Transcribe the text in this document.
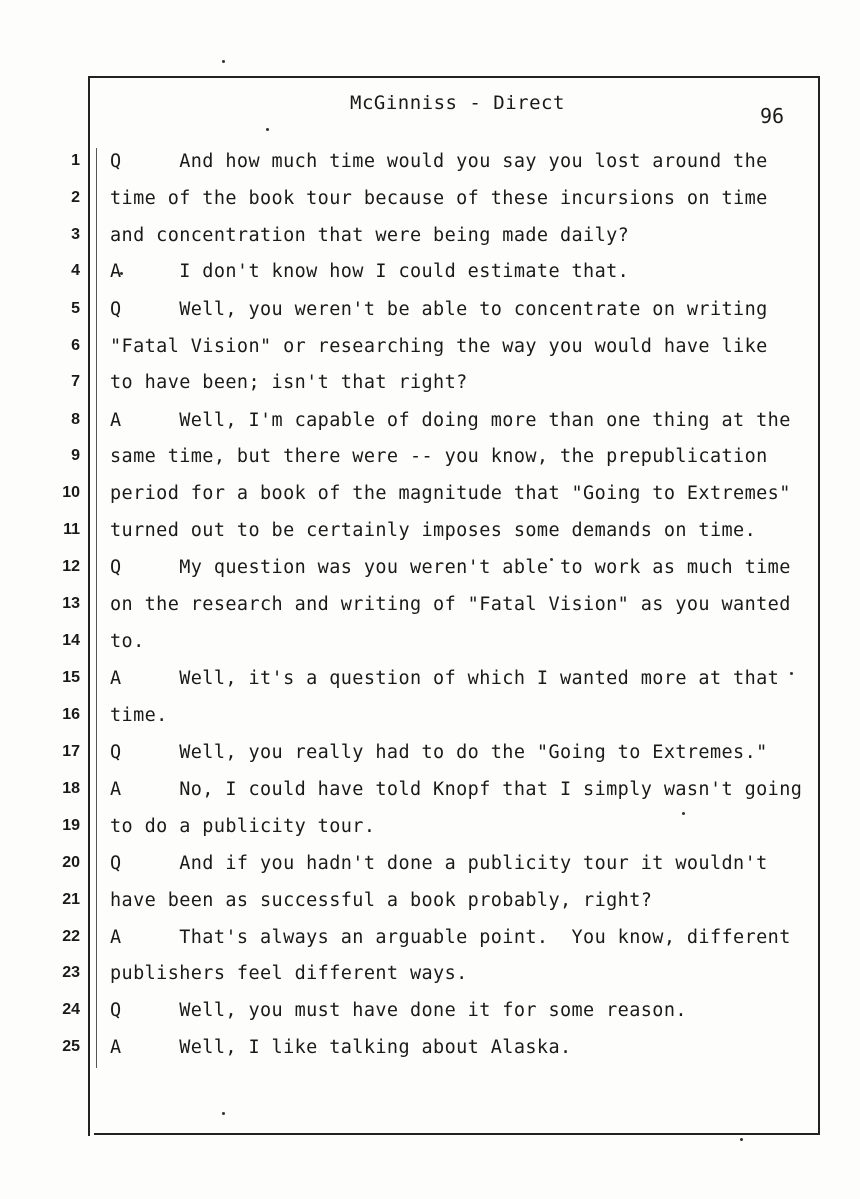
McGinniss - Direct
96
1 Q     And how much time would you say you lost around the
2 time of the book tour because of these incursions on time
3 and concentration that were being made daily?
4 A     I don't know how I could estimate that.
5 Q     Well, you weren't be able to concentrate on writing
6 "Fatal Vision" or researching the way you would have like
7 to have been; isn't that right?
8 A     Well, I'm capable of doing more than one thing at the
9 same time, but there were -- you know, the prepublication
10 period for a book of the magnitude that "Going to Extremes"
11 turned out to be certainly imposes some demands on time.
12 Q     My question was you weren't able to work as much time
13 on the research and writing of "Fatal Vision" as you wanted
14 to.
15 A     Well, it's a question of which I wanted more at that
16 time.
17 Q     Well, you really had to do the "Going to Extremes."
18 A     No, I could have told Knopf that I simply wasn't going
19 to do a publicity tour.
20 Q     And if you hadn't done a publicity tour it wouldn't
21 have been as successful a book probably, right?
22 A     That's always an arguable point.  You know, different
23 publishers feel different ways.
24 Q     Well, you must have done it for some reason.
25 A     Well, I like talking about Alaska.
